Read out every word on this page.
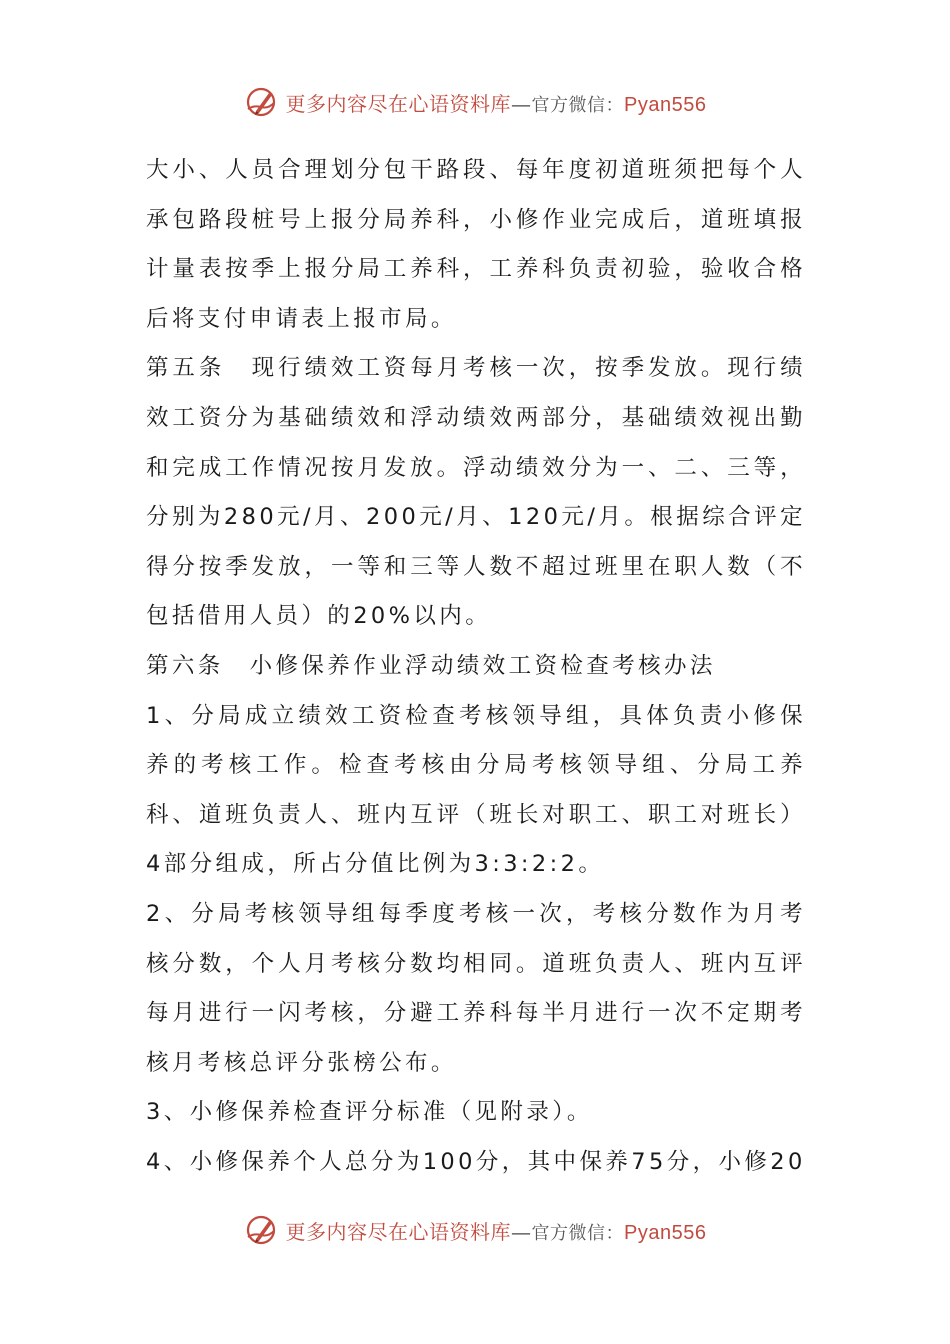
更多内容尽在心语资料库—官方微信：Pyan556

大小、人员合理划分包干路段、每年度初道班须把每个人承包路段桩号上报分局养科，小修作业完成后，道班填报计量表按季上报分局工养科，工养科负责初验，验收合格后将支付申请表上报市局。

第五条　现行绩效工资每月考核一次，按季发放。现行绩效工资分为基础绩效和浮动绩效两部分，基础绩效视出勤和完成工作情况按月发放。浮动绩效分为一、二、三等，分别为280元/月、200元/月、120元/月。根据综合评定得分按季发放，一等和三等人数不超过班里在职人数（不包括借用人员）的20%以内。

第六条　小修保养作业浮动绩效工资检查考核办法

1、分局成立绩效工资检查考核领导组，具体负责小修保养的考核工作。检查考核由分局考核领导组、分局工养科、道班负责人、班内互评（班长对职工、职工对班长）4部分组成，所占分值比例为3:3:2:2。

2、分局考核领导组每季度考核一次，考核分数作为月考核分数，个人月考核分数均相同。道班负责人、班内互评每月进行一闪考核，分避工养科每半月进行一次不定期考核月考核总评分张榜公布。

3、小修保养检查评分标准（见附录）。

4、小修保养个人总分为100分，其中保养75分，小修20

更多内容尽在心语资料库—官方微信：Pyan556
